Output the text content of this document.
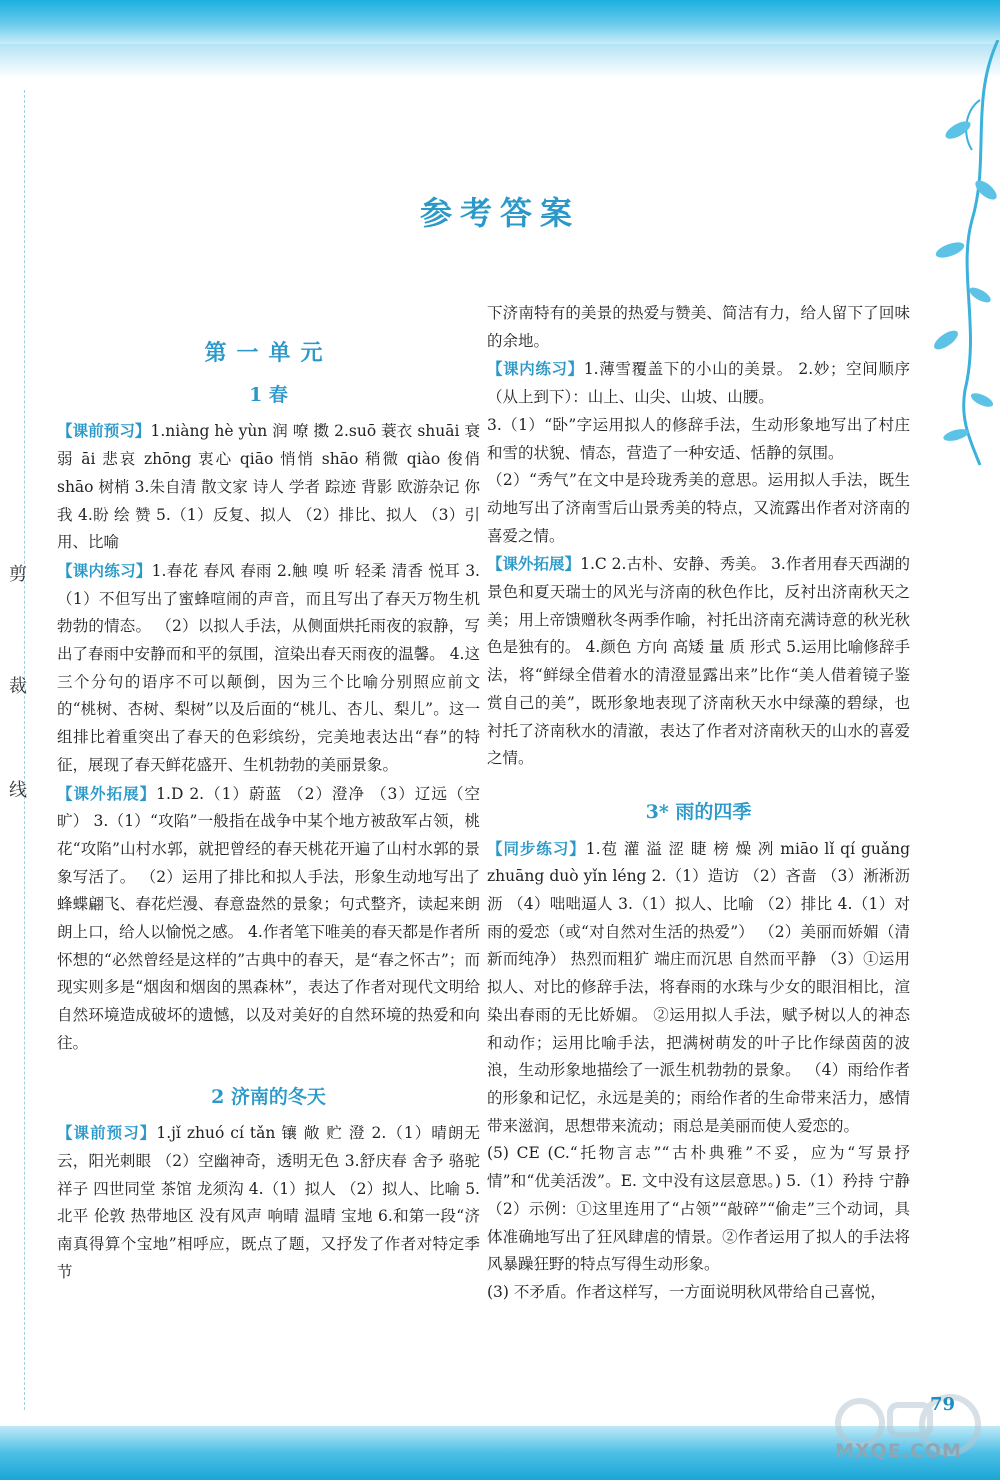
剪
裁
线
参考答案
第一单元
1 春

【课前预习】1.niàng hè yùn 润 嘹 擞 2.suō 蓑衣 shuāi 衰弱 āi 悲哀 zhōng 衷心 qiāo 悄悄 shāo 稍微 qiào 俊俏 shāo 树梢 3.朱自清 散文家 诗人 学者 踪迹 背影 欧游杂记 你我 4.盼 绘 赞 5.（1）反复、拟人 （2）排比、拟人 （3）引用、比喻

【课内练习】1.春花 春风 春雨 2.触 嗅 听 轻柔 清香 悦耳 3.（1）不但写出了蜜蜂喧闹的声音，而且写出了春天万物生机勃勃的情态。 （2）以拟人手法，从侧面烘托雨夜的寂静，写出了春雨中安静而和平的氛围，渲染出春天雨夜的温馨。 4.这三个分句的语序不可以颠倒，因为三个比喻分别照应前文的“桃树、杏树、梨树”以及后面的“桃儿、杏儿、梨儿”。这一组排比着重突出了春天的色彩缤纷，完美地表达出“春”的特征，展现了春天鲜花盛开、生机勃勃的美丽景象。

【课外拓展】1.D 2.（1）蔚蓝 （2）澄净 （3）辽远（空旷） 3.（1）“攻陷”一般指在战争中某个地方被敌军占领，桃花“攻陷”山村水郭，就把曾经的春天桃花开遍了山村水郭的景象写活了。 （2）运用了排比和拟人手法，形象生动地写出了蜂蝶翩飞、春花烂漫、春意盎然的景象；句式整齐，读起来朗朗上口，给人以愉悦之感。 4.作者笔下唯美的春天都是作者所怀想的“必然曾经是这样的”古典中的春天，是“春之怀古”；而现实则多是“烟囱和烟囱的黑森林”，表达了作者对现代文明给自然环境造成破坏的遗憾，以及对美好的自然环境的热爱和向往。

2 济南的冬天

【课前预习】1.jǐ zhuó cí tǎn 镶 敞 贮 澄 2.（1）晴朗无云，阳光刺眼 （2）空幽神奇，透明无色 3.舒庆春 舍予 骆驼祥子 四世同堂 茶馆 龙须沟 4.（1）拟人 （2）拟人、比喻 5.北平 伦敦 热带地区 没有风声 响晴 温晴 宝地 6.和第一段“济南真得算个宝地”相呼应，既点了题，又抒发了作者对特定季节

下济南特有的美景的热爱与赞美、简洁有力，给人留下了回味的余地。

【课内练习】1.薄雪覆盖下的小山的美景。 2.妙；空间顺序（从上到下）：山上、山尖、山坡、山腰。

3.（1）“卧”字运用拟人的修辞手法，生动形象地写出了村庄和雪的状貌、情态，营造了一种安适、恬静的氛围。

（2）“秀气”在文中是玲珑秀美的意思。运用拟人手法，既生动地写出了济南雪后山景秀美的特点，又流露出作者对济南的喜爱之情。

【课外拓展】1.C 2.古朴、安静、秀美。 3.作者用春天西湖的景色和夏天瑞士的风光与济南的秋色作比，反衬出济南秋天之美；用上帝馈赠秋冬两季作喻，衬托出济南充满诗意的秋光秋色是独有的。 4.颜色 方向 高矮 量 质 形式 5.运用比喻修辞手法，将“鲜绿全借着水的清澄显露出来”比作“美人借着镜子鉴赏自己的美”，既形象地表现了济南秋天水中绿藻的碧绿，也衬托了济南秋水的清澈，表达了作者对济南秋天的山水的喜爱之情。

3* 雨的四季

【同步练习】1.苞 灌 溢 涩 睫 榜 燥 冽 miāo lǐ qí guǎng zhuāng duò yǐn léng 2.（1）造访 （2）吝啬 （3）淅淅沥沥 （4）咄咄逼人 3.（1）拟人、比喻 （2）排比 4.（1）对雨的爱恋（或“对自然对生活的热爱”） （2）美丽而娇媚（清新而纯净） 热烈而粗犷 端庄而沉思 自然而平静 （3）①运用拟人、对比的修辞手法，将春雨的水珠与少女的眼泪相比，渲染出春雨的无比娇媚。 ②运用拟人手法，赋予树以人的神态和动作；运用比喻手法，把满树萌发的叶子比作绿茵茵的波浪，生动形象地描绘了一派生机勃勃的景象。 （4）雨给作者的形象和记忆，永远是美的；雨给作者的生命带来活力，感情带来滋润，思想带来流动；雨总是美丽而使人爱恋的。

(5) CE (C.“托物言志”“古朴典雅”不妥，应为“写景抒情”和“优美活泼”。E. 文中没有这层意思。) 5.（1）矜持 宁静 （2）示例：①这里连用了“占领”“敲碎”“偷走”三个动词，具体准确地写出了狂风肆虐的情景。②作者运用了拟人的手法将风暴躁狂野的特点写得生动形象。

(3) 不矛盾。作者这样写，一方面说明秋风带给自己喜悦，

79
MXQE.COM
